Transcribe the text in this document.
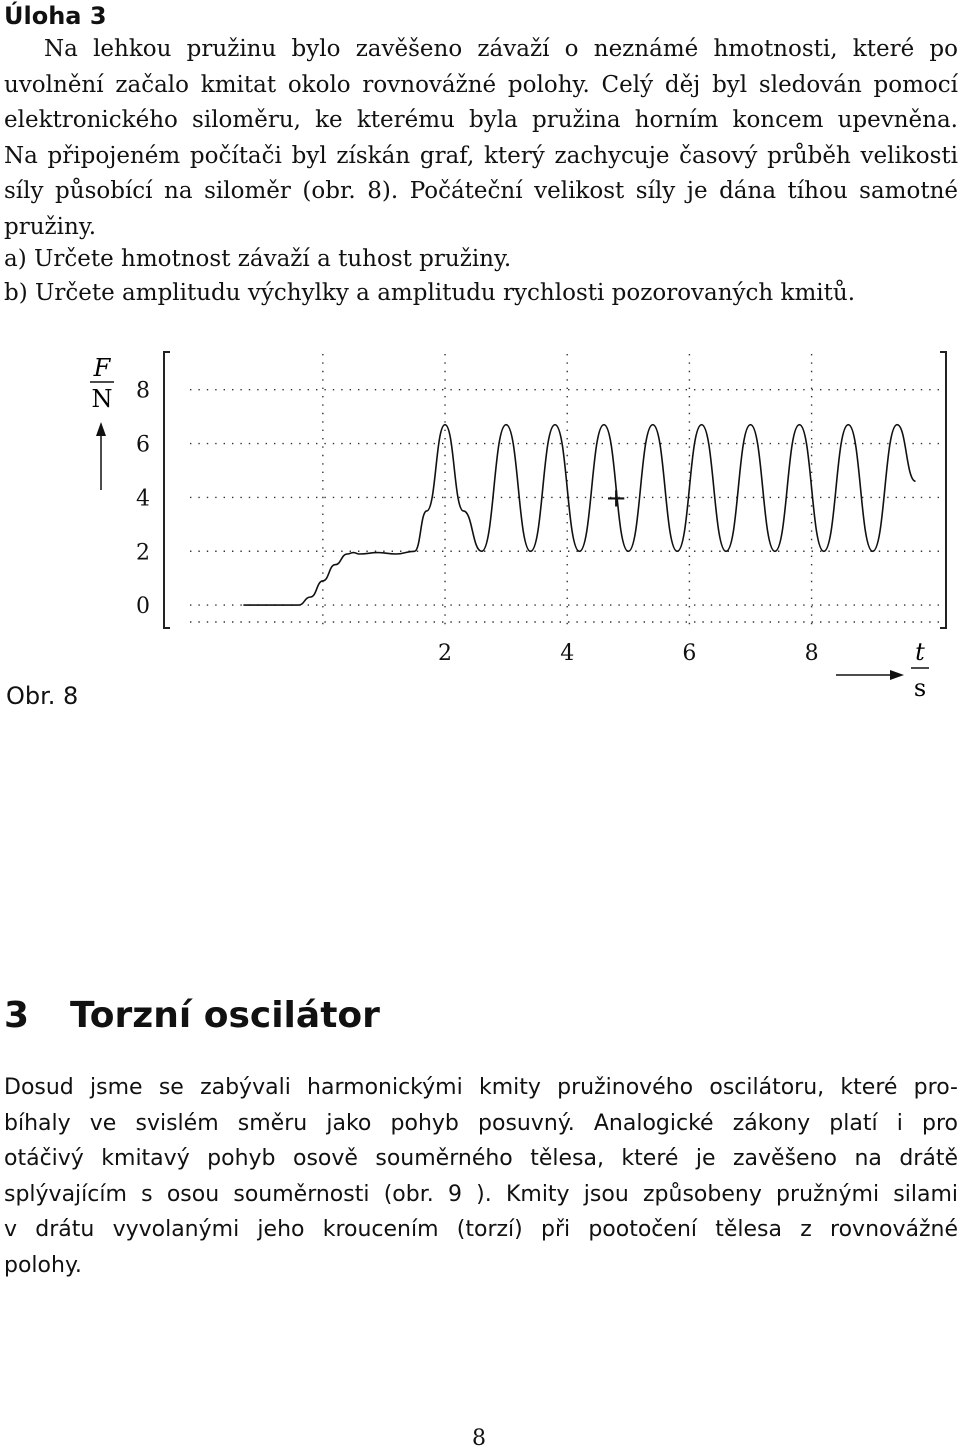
Úloha 3
Na lehkou pružinu bylo zavěšeno závaží o neznámé hmotnosti, které po
uvolnění začalo kmitat okolo rovnovážné polohy. Celý děj byl sledován pomocí
elektronického siloměru, ke kterému byla pružina horním koncem upevněna.
Na připojeném počítači byl získán graf, který zachycuje časový průběh velikosti
síly působící na siloměr (obr. 8). Počáteční velikost síly je dána tíhou samotné
pružiny.
a) Určete hmotnost závaží a tuhost pružiny.
b) Určete amplitudu výchylky a amplitudu rychlosti pozorovaných kmitů.
0
2
4
6
8
2	4	6	8
+
F
N
t
s
Obr. 8
3 Torzní oscilátor
Dosud jsme se zabývali harmonickými kmity pružinového oscilátoru, které pro-
bíhaly ve svislém směru jako pohyb posuvný. Analogické zákony platí i pro
otáčivý kmitavý pohyb osově souměrného tělesa, které je zavěšeno na drátě
splývajícím s osou souměrnosti (obr. 9 ). Kmity jsou způsobeny pružnými silami
v drátu vyvolanými jeho kroucením (torzí) při pootočení tělesa z rovnovážné
polohy.
8
